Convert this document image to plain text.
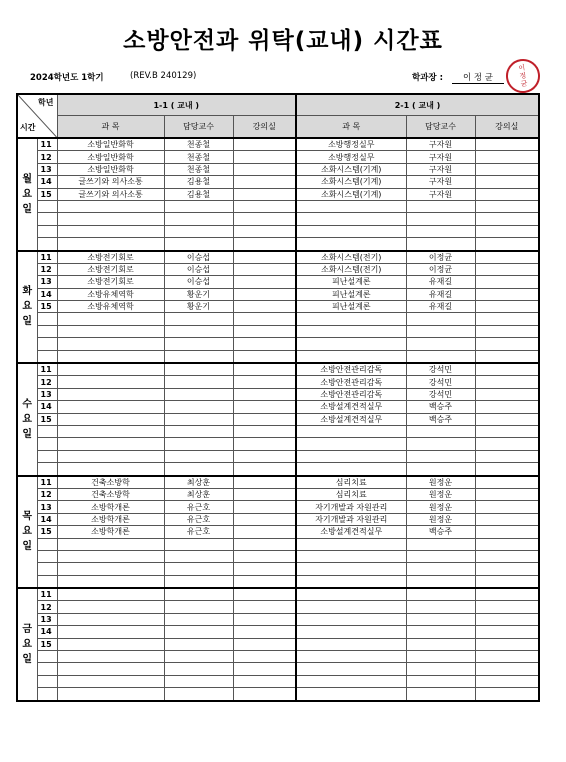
소방안전과 위탁(교내) 시간표
2024학년도 1학기	(REV.B 240129)	학과장 :	이 정 균
이
정
균
학년
시간		1-1 ( 교내 )			2-1 ( 교내 )		
		과 목	담당교수	강의실	과 목	담당교수	강의실
월요일	11	소방일반화학	천종철		소방행정실무	구자원	
	12	소방일반화학	천종철		소방행정실무	구자원	
	13	소방일반화학	천종철		소화시스템(기계)	구자원	
	14	글쓰기와 의사소통	김용철		소화시스템(기계)	구자원	
	15	글쓰기와 의사소통	김용철		소화시스템(기계)	구자원	

화요일	11	소방전기회로	이승섭		소화시스템(전기)	이정균	
	12	소방전기회로	이승섭		소화시스템(전기)	이정균	
	13	소방전기회로	이승섭		피난설계론	유재길	
	14	소방유체역학	황운기		피난설계론	유재길	
	15	소방유체역학	황운기		피난설계론	유재길	

수요일	11				소방안전관리감독	강석민	
	12				소방안전관리감독	강석민	
	13				소방안전관리감독	강석민	
	14				소방설계견적실무	백승주	
	15				소방설계견적실무	백승주	

목요일	11	건축소방학	최상훈		심리치료	원정운	
	12	건축소방학	최상훈		심리치료	원정운	
	13	소방학개론	유근호		자기개발과 자원관리	원정운	
	14	소방학개론	유근호		자기개발과 자원관리	원정운	
	15	소방학개론	유근호		소방설계견적실무	백승주	

금요일	11						
	12						
	13						
	14						
	15						
